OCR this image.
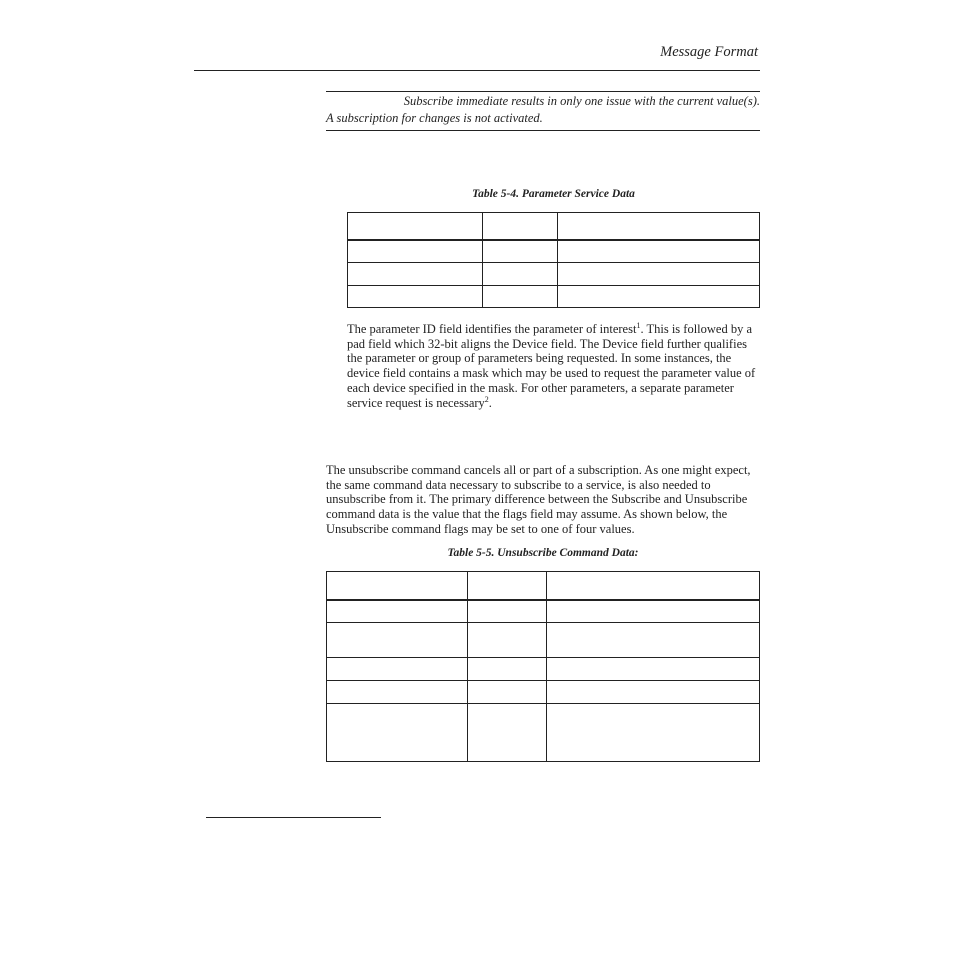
Message Format
Subscribe immediate results in only one issue with the current value(s).
A subscription for changes is not activated.
Table 5-4. Parameter Service Data

The parameter ID field identifies the parameter of interest$^1$. This is followed by a pad field which 32-bit aligns the Device field. The Device field further qualifies the parameter or group of parameters being requested. In some instances, the device field contains a mask which may be used to request the parameter value of each device specified in the mask. For other parameters, a separate parameter service request is necessary$^2$.
The unsubscribe command cancels all or part of a subscription. As one might expect, the same command data necessary to subscribe to a service, is also needed to unsubscribe from it. The primary difference between the Subscribe and Unsubscribe command data is the value that the flags field may assume. As shown below, the Unsubscribe command flags may be set to one of four values.
Table 5-5. Unsubscribe Command Data:
